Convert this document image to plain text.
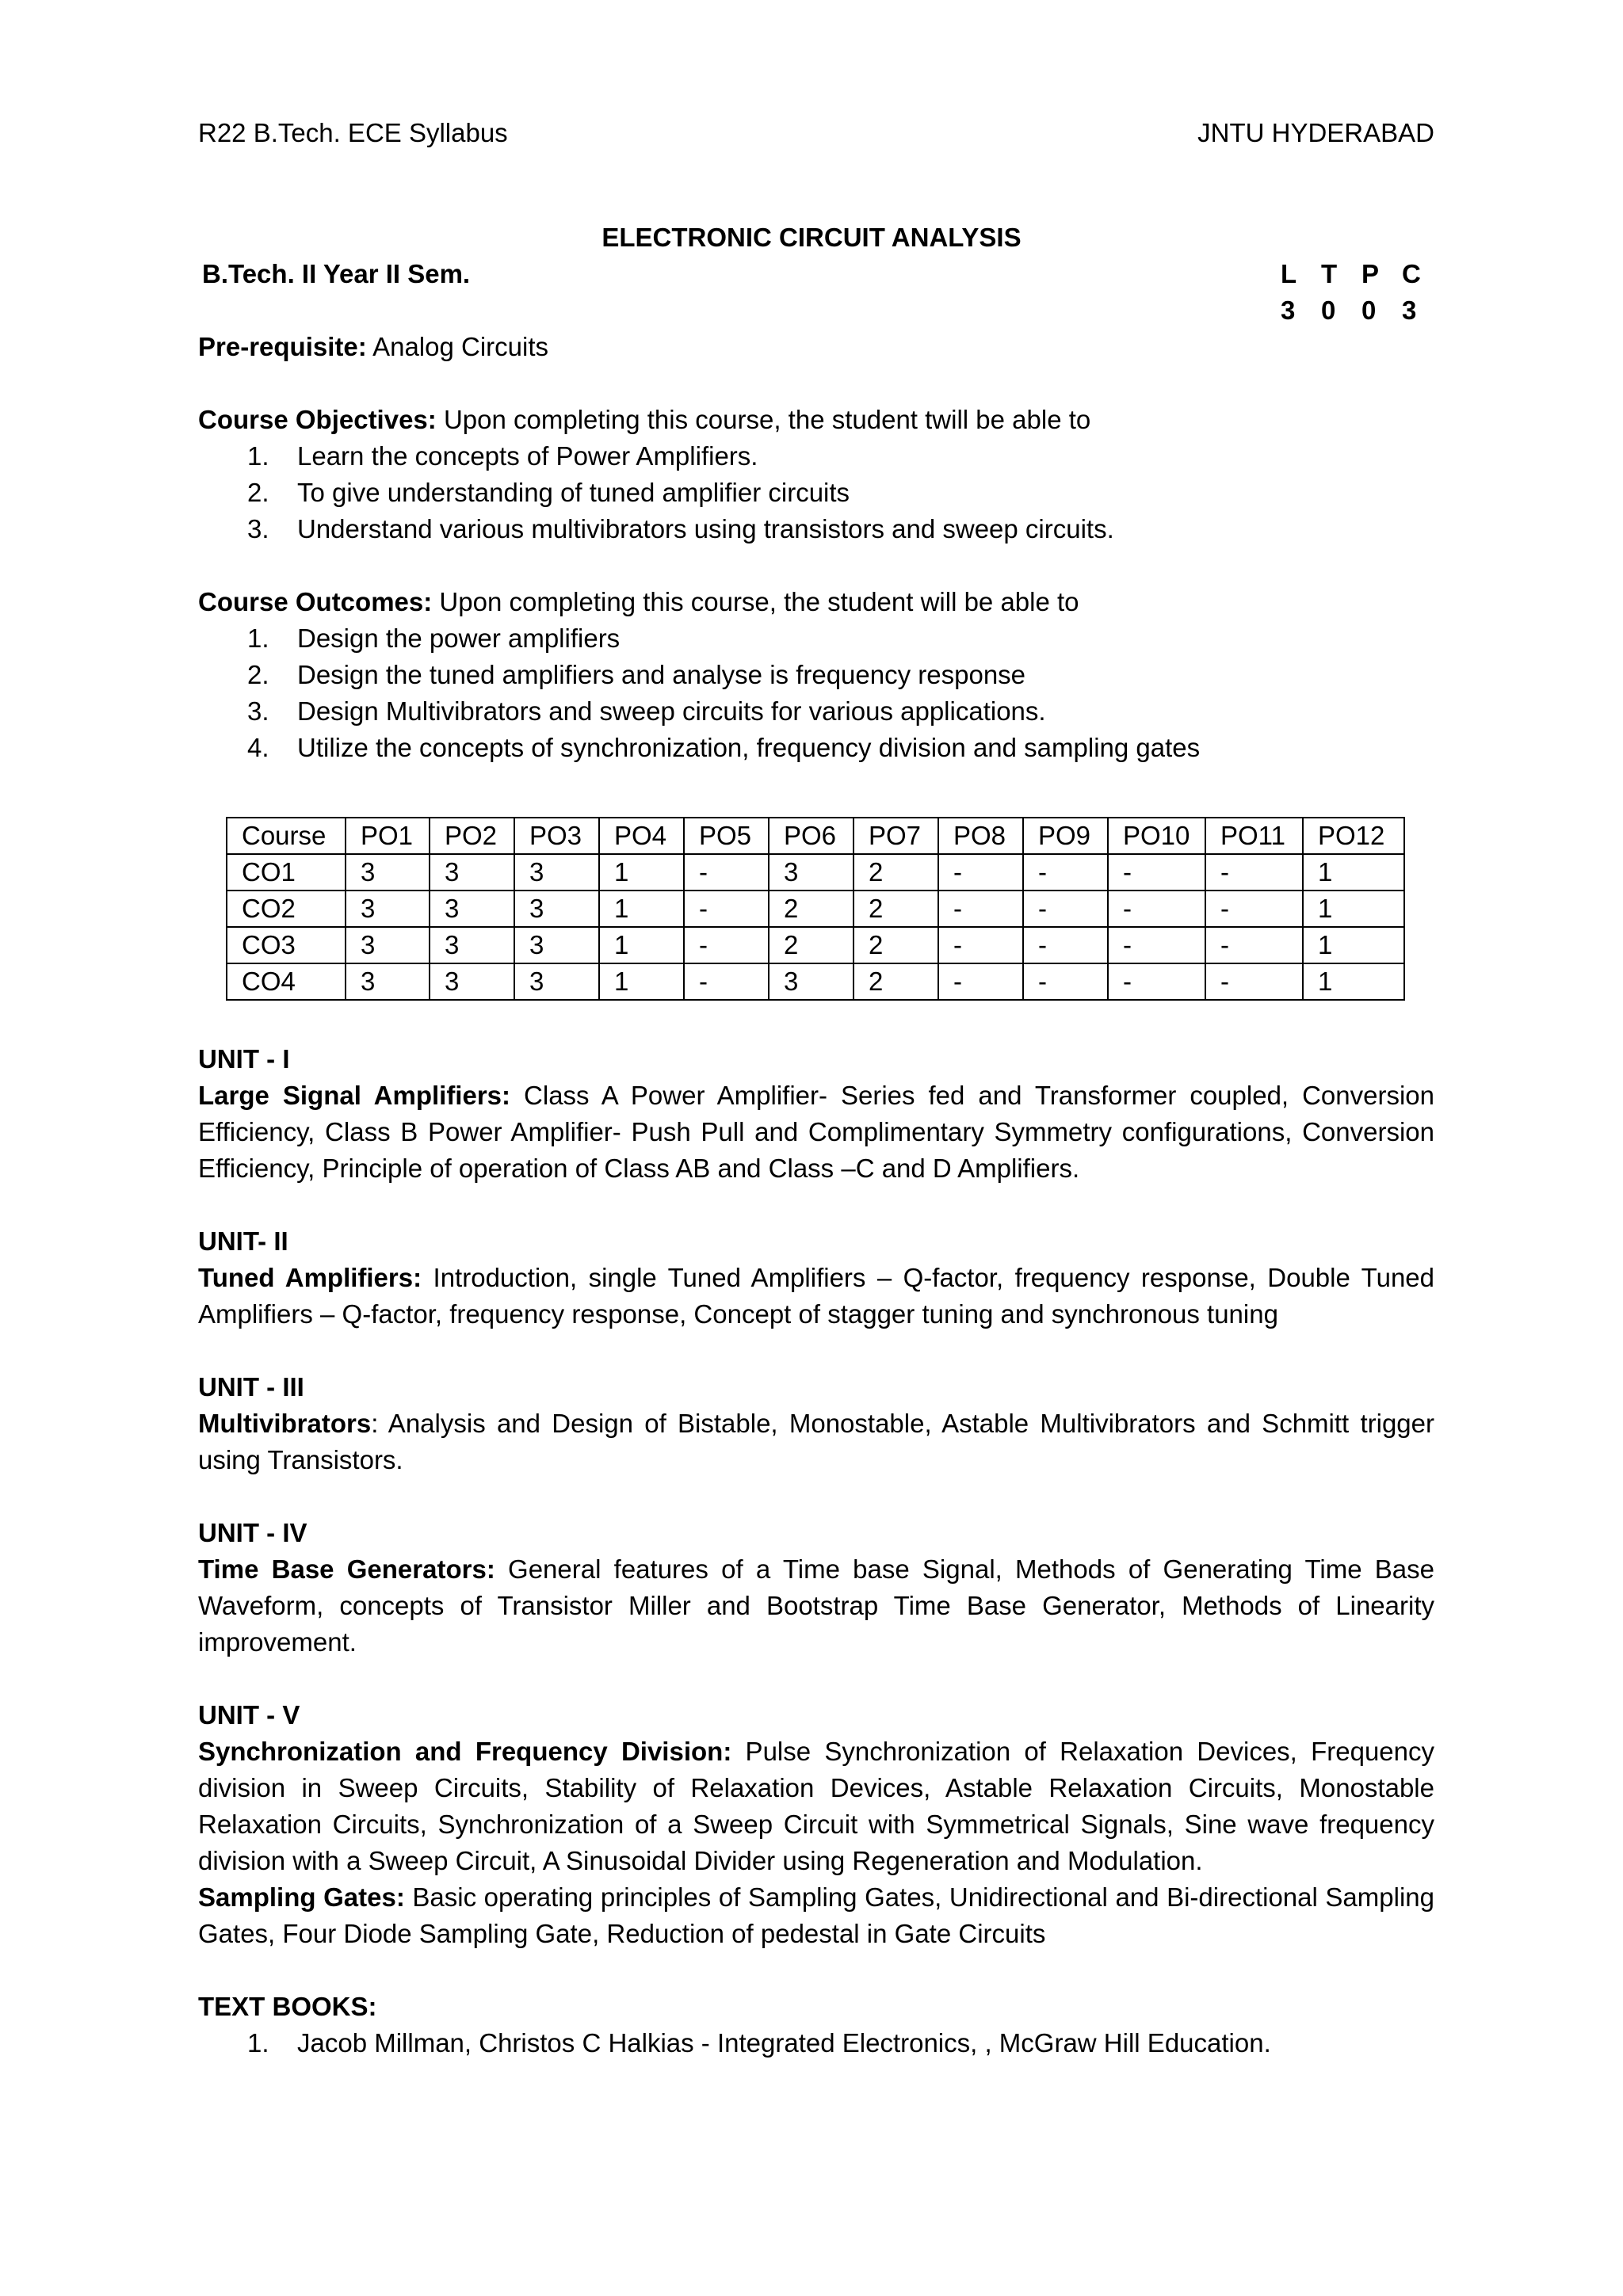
R22 B.Tech. ECE Syllabus	JNTU HYDERABAD
ELECTRONIC CIRCUIT ANALYSIS
B.Tech. II Year II Sem.	L T P C
3 0 0 3
Pre-requisite: Analog Circuits
Course Objectives: Upon completing this course, the student twill be able to
1. Learn the concepts of Power Amplifiers.
2. To give understanding of tuned amplifier circuits
3. Understand various multivibrators using transistors and sweep circuits.
Course Outcomes: Upon completing this course, the student will be able to
1. Design the power amplifiers
2. Design the tuned amplifiers and analyse is frequency response
3. Design Multivibrators and sweep circuits for various applications.
4. Utilize the concepts of synchronization, frequency division and sampling gates
Course	PO1	PO2	PO3	PO4	PO5	PO6	PO7	PO8	PO9	PO10	PO11	PO12
CO1	3	3	3	1	-	3	2	-	-	-	-	1
CO2	3	3	3	1	-	2	2	-	-	-	-	1
CO3	3	3	3	1	-	2	2	-	-	-	-	1
CO4	3	3	3	1	-	3	2	-	-	-	-	1
UNIT - I
Large Signal Amplifiers: Class A Power Amplifier- Series fed and Transformer coupled, Conversion Efficiency, Class B Power Amplifier- Push Pull and Complimentary Symmetry configurations, Conversion Efficiency, Principle of operation of Class AB and Class –C and D Amplifiers.
UNIT- II
Tuned Amplifiers: Introduction, single Tuned Amplifiers – Q-factor, frequency response, Double Tuned Amplifiers – Q-factor, frequency response, Concept of stagger tuning and synchronous tuning
UNIT - III
Multivibrators: Analysis and Design of Bistable, Monostable, Astable Multivibrators and Schmitt trigger using Transistors.
UNIT - IV
Time Base Generators: General features of a Time base Signal, Methods of Generating Time Base Waveform, concepts of Transistor Miller and Bootstrap Time Base Generator, Methods of Linearity improvement.
UNIT - V
Synchronization and Frequency Division: Pulse Synchronization of Relaxation Devices, Frequency division in Sweep Circuits, Stability of Relaxation Devices, Astable Relaxation Circuits, Monostable Relaxation Circuits, Synchronization of a Sweep Circuit with Symmetrical Signals, Sine wave frequency division with a Sweep Circuit, A Sinusoidal Divider using Regeneration and Modulation.
Sampling Gates: Basic operating principles of Sampling Gates, Unidirectional and Bi-directional Sampling Gates, Four Diode Sampling Gate, Reduction of pedestal in Gate Circuits
TEXT BOOKS:
1. Jacob Millman, Christos C Halkias - Integrated Electronics, , McGraw Hill Education.
